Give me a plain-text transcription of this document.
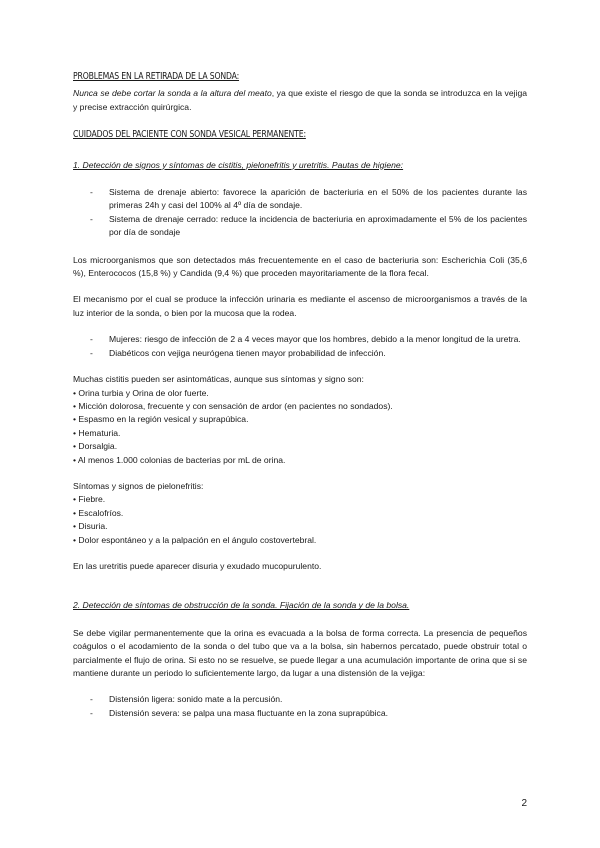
PROBLEMAS EN LA RETIRADA DE LA SONDA:

Nunca se debe cortar la sonda a la altura del meato, ya que existe el riesgo de que la sonda se introduzca en la vejiga y precise extracción quirúrgica.

CUIDADOS DEL PACIENTE CON SONDA VESICAL PERMANENTE:

1. Detección de signos y síntomas de cistitis, pielonefritis y uretritis. Pautas de higiene:

- Sistema de drenaje abierto: favorece la aparición de bacteriuria en el 50% de los pacientes durante las primeras 24h y casi del 100% al 4º día de sondaje.
- Sistema de drenaje cerrado: reduce la incidencia de bacteriuria en aproximadamente el 5% de los pacientes por día de sondaje

Los microorganismos que son detectados más frecuentemente en el caso de bacteriuria son: Escherichia Coli (35,6 %), Enterococos (15,8 %) y Candida (9,4 %) que proceden mayoritariamente de la flora fecal.

El mecanismo por el cual se produce la infección urinaria es mediante el ascenso de microorganismos a través de la luz interior de la sonda, o bien por la mucosa que la rodea.

- Mujeres: riesgo de infección de 2 a 4 veces mayor que los hombres, debido a la menor longitud de la uretra.
- Diabéticos con vejiga neurógena tienen mayor probabilidad de infección.

Muchas cistitis pueden ser asintomáticas, aunque sus síntomas y signo son:

• Orina turbia y Orina de olor fuerte.
• Micción dolorosa, frecuente y con sensación de ardor (en pacientes no sondados).
• Espasmo en la región vesical y suprapúbica.
• Hematuria.
• Dorsalgia.
• Al menos 1.000 colonias de bacterias por mL de orina.

Síntomas y signos de pielonefritis:

• Fiebre.
• Escalofríos.
• Disuria.
• Dolor espontáneo y a la palpación en el ángulo costovertebral.

En las uretritis puede aparecer disuria y exudado mucopurulento.

2. Detección de síntomas de obstrucción de la sonda. Fijación de la sonda y de la bolsa.

Se debe vigilar permanentemente que la orina es evacuada a la bolsa de forma correcta. La presencia de pequeños coágulos o el acodamiento de la sonda o del tubo que va a la bolsa, sin habernos percatado, puede obstruir total o parcialmente el flujo de orina. Si esto no se resuelve, se puede llegar a una acumulación importante de orina que si se mantiene durante un periodo lo suficientemente largo, da lugar a una distensión de la vejiga:

- Distensión ligera: sonido mate a la percusión.
- Distensión severa: se palpa una masa fluctuante en la zona suprapúbica.
2
